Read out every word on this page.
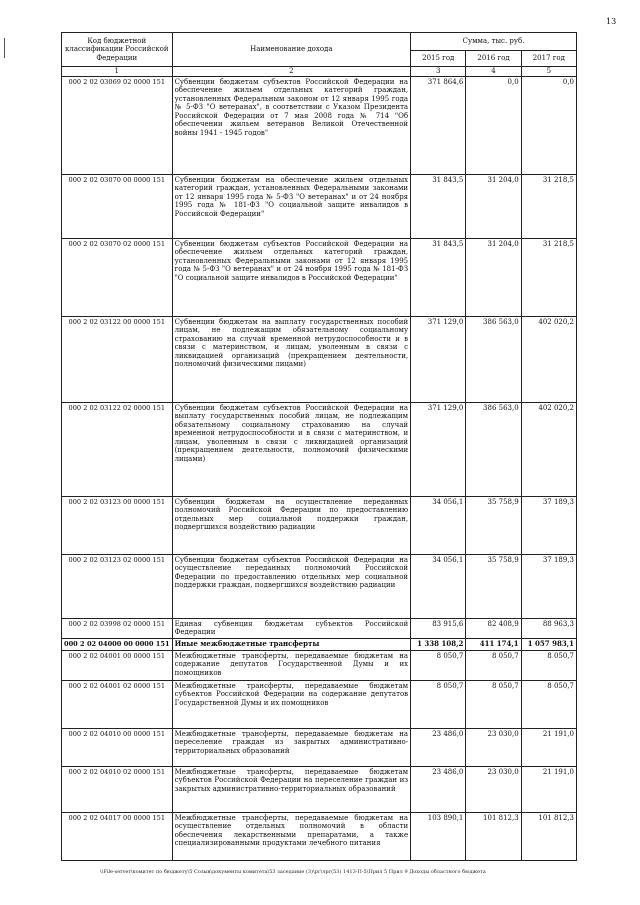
13
Код бюджетной классификации Российской Федерации	Наименование дохода	Сумма, тыс. руб.		
		2015 год	2016 год	2017 год
1	2	3	4	5
000 2 02 03069 02 0000 151	Субвенции бюджетам субъектов Российской Федерации на обеспечение жильем отдельных категорий граждан, установленных Федеральным законом от 12 января 1995 года № 5-ФЗ "О ветеранах", в соответствии с Указом Президента Российской Федерации от 7 мая 2008 года № 714 "Об обеспечении жильем ветеранов Великой Отечественной войны 1941 - 1945 годов"	371 864,6	0,0	0,0
000 2 02 03070 00 0000 151	Субвенции бюджетам на обеспечение жильем отдельных категорий граждан, установленных Федеральными законами от 12 января 1995 года № 5-ФЗ "О ветеранах" и от 24 ноября 1995 года № 181-ФЗ "О социальной защите инвалидов в Российской Федерации"	31 843,5	31 204,0	31 218,5
000 2 02 03070 02 0000 151	Субвенции бюджетам субъектов Российской Федерации на обеспечение жильем отдельных категорий граждан, установленных Федеральными законами от 12 января 1995 года № 5-ФЗ "О ветеранах" и от 24 ноября 1995 года № 181-ФЗ "О социальной защите инвалидов в Российской Федерации"	31 843,5	31 204,0	31 218,5
000 2 02 03122 00 0000 151	Субвенции бюджетам на выплату государственных пособий лицам, не подлежащим обязательному социальному страхованию на случай временной нетрудоспособности и в связи с материнством, и лицам, уволенным в связи с ликвидацией организаций (прекращением деятельности, полномочий физическими лицами)	371 129,0	386 563,0	402 020,2
000 2 02 03122 02 0000 151	Субвенции бюджетам субъектов Российской Федерации на выплату государственных пособий лицам, не подлежащим обязательному социальному страхованию на случай временной нетрудоспособности и в связи с материнством, и лицам, уволенным в связи с ликвидацией организаций (прекращением деятельности, полномочий физическими лицами)	371 129,0	386 563,0	402 020,2
000 2 02 03123 00 0000 151	Субвенции бюджетам на осуществление переданных полномочий Российской Федерации по предоставлению отдельных мер социальной поддержки граждан, подвергшихся воздействию радиации	34 056,1	35 758,9	37 189,3
000 2 02 03123 02 0000 151	Субвенции бюджетам субъектов Российской Федерации на осуществление переданных полномочий Российской Федерации по предоставлению отдельных мер социальной поддержки граждан, подвергшихся воздействию радиации	34 056,1	35 758,9	37 189,3
000 2 02 03998 02 0000 151	Единая субвенция бюджетам субъектов Российской Федерации	83 915,6	82 408,9	88 963,3
000 2 02 04000 00 0000 151	Иные межбюджетные трансферты	1 338 108,2	411 174,1	1 057 983,1
000 2 02 04001 00 0000 151	Межбюджетные трансферты, передаваемые бюджетам на содержание депутатов Государственной Думы и их помощников	8 050,7	8 050,7	8 050,7
000 2 02 04001 02 0000 151	Межбюджетные трансферты, передаваемые бюджетам субъектов Российской Федерации на содержание депутатов Государственной Думы и их помощников	8 050,7	8 050,7	8 050,7
000 2 02 04010 00 0000 151	Межбюджетные трансферты, передаваемые бюджетам на переселение граждан из закрытых административно-территориальных образований	23 486,0	23 030,0	21 191,0
000 2 02 04010 02 0000 151	Межбюджетные трансферты, передаваемые бюджетам субъектов Российской Федерации на переселение граждан из закрытых административно-территориальных образований	23 486,0	23 030,0	21 191,0
000 2 02 04017 00 0000 151	Межбюджетные трансферты, передаваемые бюджетам на осуществление отдельных полномочий в области обеспечения лекарственными препаратами, а также специализированными продуктами лечебного питания	103 890,1	101 812,3	101 812,3
\\File-server\комитет по бюджету\5 Созыв\документы комитета\53 заседание (3)\рг\лрг(53) 1413-П-5\Прил 5 Прил 9 Доходы областного бюджета
